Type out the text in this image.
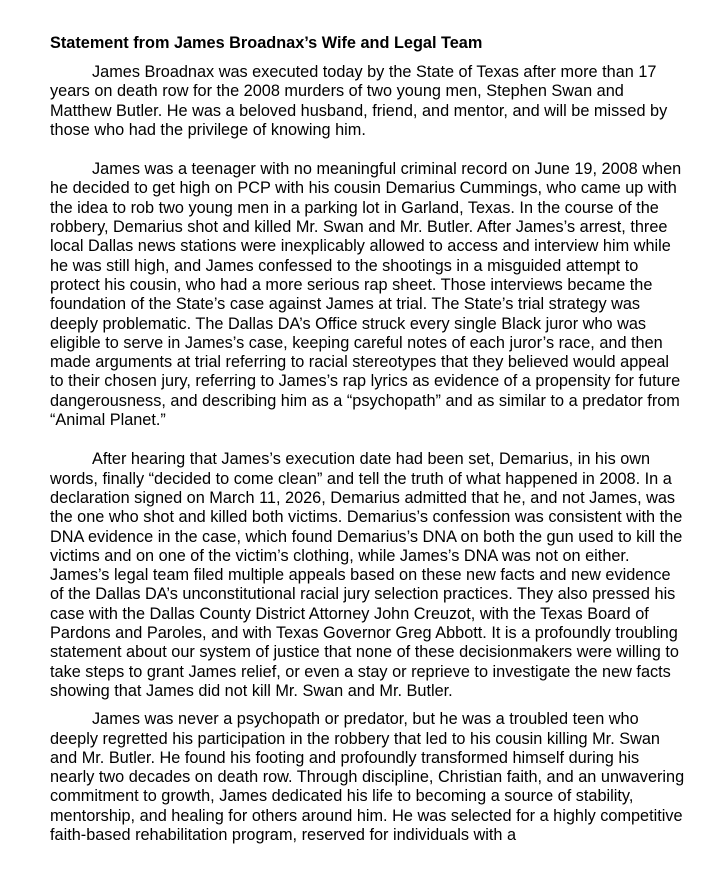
Statement from James Broadnax’s Wife and Legal Team

James Broadnax was executed today by the State of Texas after more than 17 years on death row for the 2008 murders of two young men, Stephen Swan and Matthew Butler. He was a beloved husband, friend, and mentor, and will be missed by those who had the privilege of knowing him.

James was a teenager with no meaningful criminal record on June 19, 2008 when he decided to get high on PCP with his cousin Demarius Cummings, who came up with the idea to rob two young men in a parking lot in Garland, Texas. In the course of the robbery, Demarius shot and killed Mr. Swan and Mr. Butler. After James’s arrest, three local Dallas news stations were inexplicably allowed to access and interview him while he was still high, and James confessed to the shootings in a misguided attempt to protect his cousin, who had a more serious rap sheet. Those interviews became the foundation of the State’s case against James at trial. The State’s trial strategy was deeply problematic. The Dallas DA’s Office struck every single Black juror who was eligible to serve in James’s case, keeping careful notes of each juror’s race, and then made arguments at trial referring to racial stereotypes that they believed would appeal to their chosen jury, referring to James’s rap lyrics as evidence of a propensity for future dangerousness, and describing him as a “psychopath” and as similar to a predator from “Animal Planet.”

After hearing that James’s execution date had been set, Demarius, in his own words, finally “decided to come clean” and tell the truth of what happened in 2008. In a declaration signed on March 11, 2026, Demarius admitted that he, and not James, was the one who shot and killed both victims. Demarius’s confession was consistent with the DNA evidence in the case, which found Demarius’s DNA on both the gun used to kill the victims and on one of the victim’s clothing, while James’s DNA was not on either. James’s legal team filed multiple appeals based on these new facts and new evidence of the Dallas DA’s unconstitutional racial jury selection practices. They also pressed his case with the Dallas County District Attorney John Creuzot, with the Texas Board of Pardons and Paroles, and with Texas Governor Greg Abbott. It is a profoundly troubling statement about our system of justice that none of these decisionmakers were willing to take steps to grant James relief, or even a stay or reprieve to investigate the new facts showing that James did not kill Mr. Swan and Mr. Butler.

James was never a psychopath or predator, but he was a troubled teen who deeply regretted his participation in the robbery that led to his cousin killing Mr. Swan and Mr. Butler. He found his footing and profoundly transformed himself during his nearly two decades on death row. Through discipline, Christian faith, and an unwavering commitment to growth, James dedicated his life to becoming a source of stability, mentorship, and healing for others around him. He was selected for a highly competitive faith-based rehabilitation program, reserved for individuals with a
